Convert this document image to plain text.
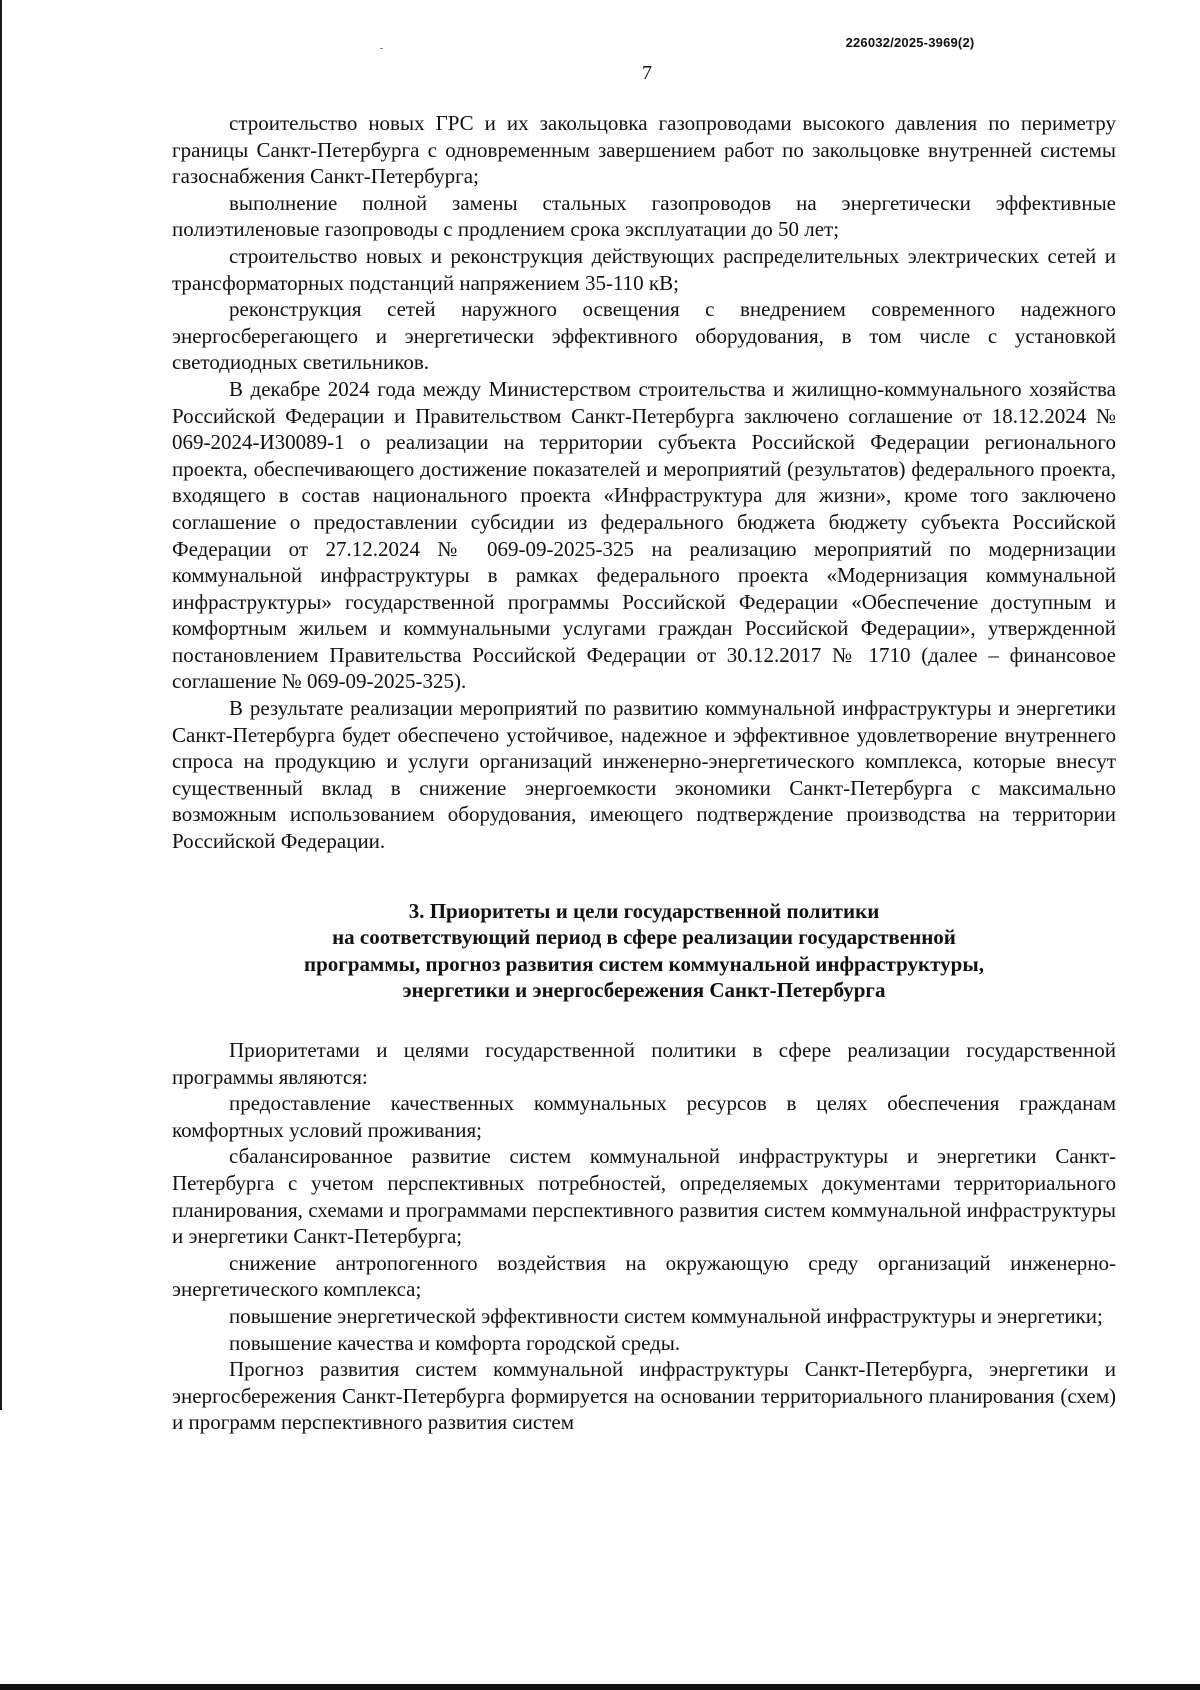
226032/2025-3969(2)
7

строительство новых ГРС и их закольцовка газопроводами высокого давления по периметру границы Санкт-Петербурга с одновременным завершением работ по закольцовке внутренней системы газоснабжения Санкт-Петербурга;

выполнение полной замены стальных газопроводов на энергетически эффективные полиэтиленовые газопроводы с продлением срока эксплуатации до 50 лет;

строительство новых и реконструкция действующих распределительных электрических сетей и трансформаторных подстанций напряжением 35-110 кВ;

реконструкция сетей наружного освещения с внедрением современного надежного энергосберегающего и энергетически эффективного оборудования, в том числе с установкой светодиодных светильников.

В декабре 2024 года между Министерством строительства и жилищно-коммунального хозяйства Российской Федерации и Правительством Санкт-Петербурга заключено соглашение от 18.12.2024 № 069-2024-И30089-1 о реализации на территории субъекта Российской Федерации регионального проекта, обеспечивающего достижение показателей и мероприятий (результатов) федерального проекта, входящего в состав национального проекта «Инфраструктура для жизни», кроме того заключено соглашение о предоставлении субсидии из федерального бюджета бюджету субъекта Российской Федерации от 27.12.2024 № 069-09-2025-325 на реализацию мероприятий по модернизации коммунальной инфраструктуры в рамках федерального проекта «Модернизация коммунальной инфраструктуры» государственной программы Российской Федерации «Обеспечение доступным и комфортным жильем и коммунальными услугами граждан Российской Федерации», утвержденной постановлением Правительства Российской Федерации от 30.12.2017 № 1710 (далее – финансовое соглашение № 069-09-2025-325).

В результате реализации мероприятий по развитию коммунальной инфраструктуры и энергетики Санкт-Петербурга будет обеспечено устойчивое, надежное и эффективное удовлетворение внутреннего спроса на продукцию и услуги организаций инженерно-энергетического комплекса, которые внесут существенный вклад в снижение энергоемкости экономики Санкт-Петербурга с максимально возможным использованием оборудования, имеющего подтверждение производства на территории Российской Федерации.

3. Приоритеты и цели государственной политики
на соответствующий период в сфере реализации государственной
программы, прогноз развития систем коммунальной инфраструктуры,
энергетики и энергосбережения Санкт-Петербурга

Приоритетами и целями государственной политики в сфере реализации государственной программы являются:

предоставление качественных коммунальных ресурсов в целях обеспечения гражданам комфортных условий проживания;

сбалансированное развитие систем коммунальной инфраструктуры и энергетики Санкт-Петербурга с учетом перспективных потребностей, определяемых документами территориального планирования, схемами и программами перспективного развития систем коммунальной инфраструктуры и энергетики Санкт-Петербурга;

снижение антропогенного воздействия на окружающую среду организаций инженерно-энергетического комплекса;

повышение энергетической эффективности систем коммунальной инфраструктуры и энергетики;

повышение качества и комфорта городской среды.

Прогноз развития систем коммунальной инфраструктуры Санкт-Петербурга, энергетики и энергосбережения Санкт-Петербурга формируется на основании территориального планирования (схем) и программ перспективного развития систем
